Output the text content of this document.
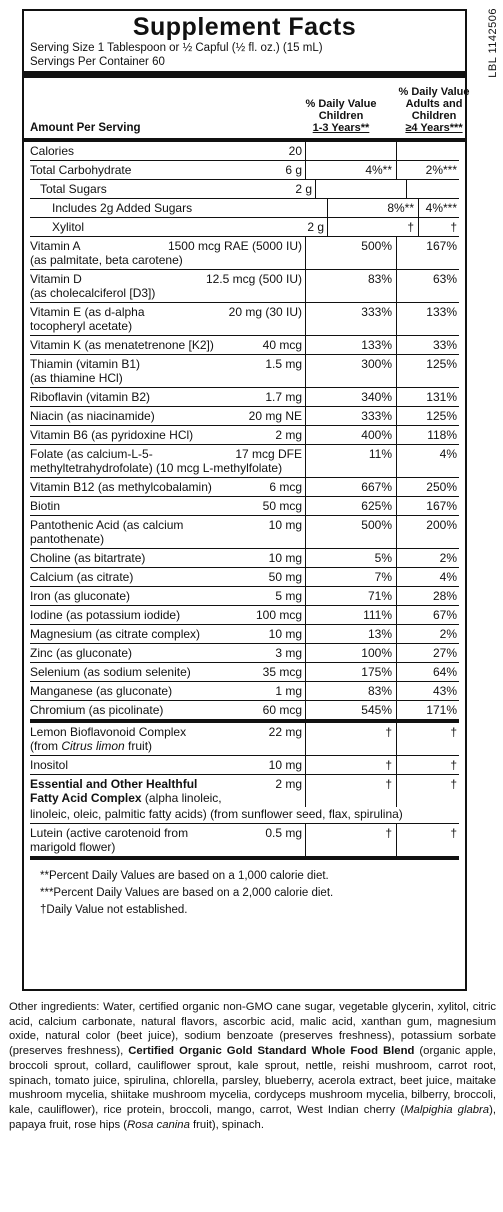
LBL 1142506
Supplement Facts
Serving Size 1 Tablespoon or ½ Capful (½ fl. oz.) (15 mL)
Servings Per Container 60
Amount Per Serving
% Daily Value
Children
1-3 Years**
% Daily Value
Adults and Children
≥4 Years***
Calories	20
Total Carbohydrate	6 g	4%**	2%***
Total Sugars	2 g
Includes 2g Added Sugars	8%** 4%***
Xylitol	2 g	†	†
Vitamin A
(as palmitate, beta carotene)
1500 mcg RAE (5000 IU)	500%	167%
Vitamin D
(as cholecalciferol [D3])
12.5 mcg (500 IU)	83%	63%
Vitamin E (as d-alpha
tocopheryl acetate)
20 mg (30 IU)	333%	133%
Vitamin K (as menatetrenone [K2])	40 mcg	133%	33%
Thiamin (vitamin B1)
(as thiamine HCl)
1.5 mg	300%	125%
Riboflavin (vitamin B2)	1.7 mg	340%	131%
Niacin (as niacinamide)	20 mg NE	333%	125%
Vitamin B6 (as pyridoxine HCl)	2 mg	400%	118%
Folate (as calcium-L-5-
methyltetrahydrofolate) (10 mcg L-methylfolate)
17 mcg DFE	11%	4%
Vitamin B12 (as methylcobalamin)	6 mcg	667%	250%
Biotin	50 mcg	625%	167%
Pantothenic Acid (as calcium
pantothenate)
10 mg	500%	200%
Choline (as bitartrate)	10 mg	5%	2%
Calcium (as citrate)	50 mg	7%	4%
Iron (as gluconate)	5 mg	71%	28%
Iodine (as potassium iodide)	100 mcg	111%	67%
Magnesium (as citrate complex)	10 mg	13%	2%
Zinc (as gluconate)	3 mg	100%	27%
Selenium (as sodium selenite)	35 mcg	175%	64%
Manganese (as gluconate)	1 mg	83%	43%
Chromium (as picolinate)	60 mcg	545%	171%
Lemon Bioflavonoid Complex
(from Citrus limon fruit)
22 mg	†	†
Inositol	10 mg	†	†
Essential and Other Healthful
Fatty Acid Complex (alpha linoleic,
2 mg	†	†
linoleic, oleic, palmitic fatty acids) (from sunflower seed, flax, spirulina)
Lutein (active carotenoid from
marigold flower)
0.5 mg	†	†
**Percent Daily Values are based on a 1,000 calorie diet.
***Percent Daily Values are based on a 2,000 calorie diet.
†Daily Value not established.
Other ingredients: Water, certified organic non-GMO cane sugar, vegetable glycerin, xylitol, citric acid, calcium carbonate, natural flavors, ascorbic acid, malic acid, xanthan gum, magnesium oxide, natural color (beet juice), sodium benzoate (preserves freshness), potassium sorbate (preserves freshness), Certified Organic Gold Standard Whole Food Blend (organic apple, broccoli sprout, collard, cauliflower sprout, kale sprout, nettle, reishi mushroom, carrot root, spinach, tomato juice, spirulina, chlorella, parsley, blueberry, acerola extract, beet juice, maitake mushroom mycelia, shiitake mushroom mycelia, cordyceps mushroom mycelia, bilberry, broccoli, kale, cauliflower), rice protein, broccoli, mango, carrot, West Indian cherry (Malpighia glabra), papaya fruit, rose hips (Rosa canina fruit), spinach.
